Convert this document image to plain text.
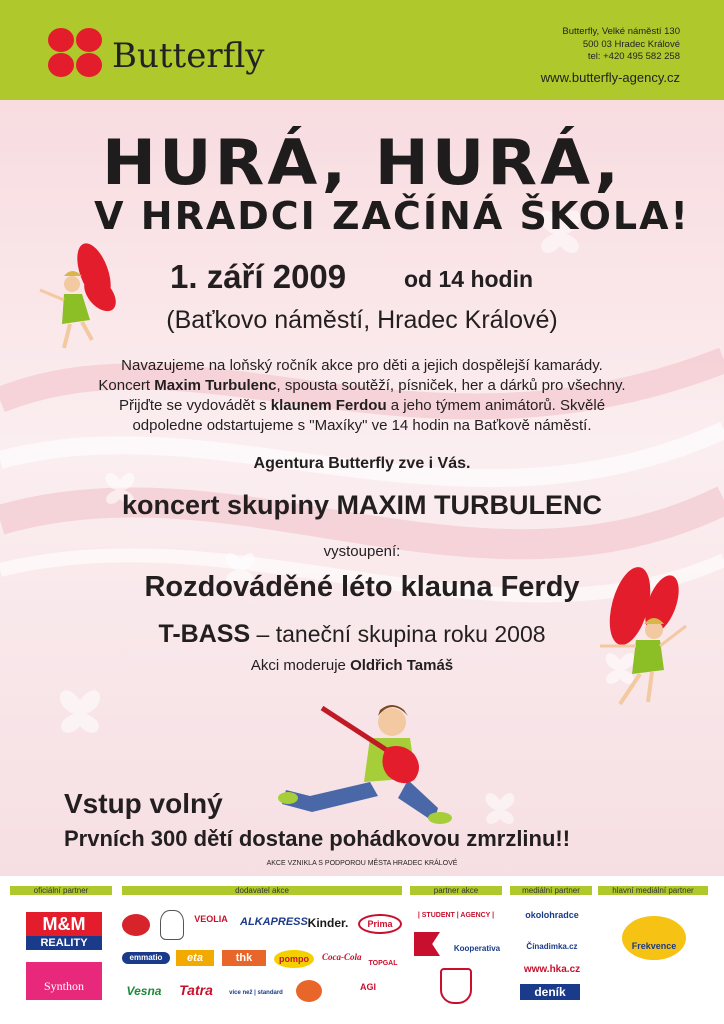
Butterfly
Butterfly, Velké náměstí 130
500 03 Hradec Králové
tel: +420 495 582 258
www.butterfly-agency.cz
HURÁ, HURÁ,
V HRADCI ZAČÍNÁ ŠKOLA!
1. září 2009	od 14 hodin
(Baťkovo náměstí, Hradec Králové)
Navazujeme na loňský ročník akce pro děti a jejich dospělejší kamarády.
Koncert Maxim Turbulenc, spousta soutěží, písniček, her a dárků pro všechny.
Přijďte se vydovádět s klaunem Ferdou a jeho týmem animátorů. Skvělé
odpoledne odstartujeme s "Maxíky" ve 14 hodin na Baťkově náměstí.
Agentura Butterfly zve i Vás.
koncert skupiny MAXIM TURBULENC
vystoupení:
Rozdováděné léto klauna Ferdy
T-BASS – taneční skupina roku 2008
Akci moderuje Oldřich Tamáš
Vstup volný
Prvních 300 dětí dostane pohádkovou zmrzlinu!!
AKCE VZNIKLA S PODPOROU MĚSTA HRADEC KRÁLOVÉ
oficiální partner	dodavatel akce	partner akce	mediální partner	hlavní mediální partner
M&M
REALITY
Synthon
VEOLIA	ALKAPRESS Kinder.	Prima
emmatio	eta	thk	pompo	Coca-Cola
TOPGAL
Vesna	Tatra	více než | standard
AGI
| STUDENT | AGENCY |
Kooperativa
okolohradce
Čínadimka.cz
www.hka.cz
deník
Frekvence
